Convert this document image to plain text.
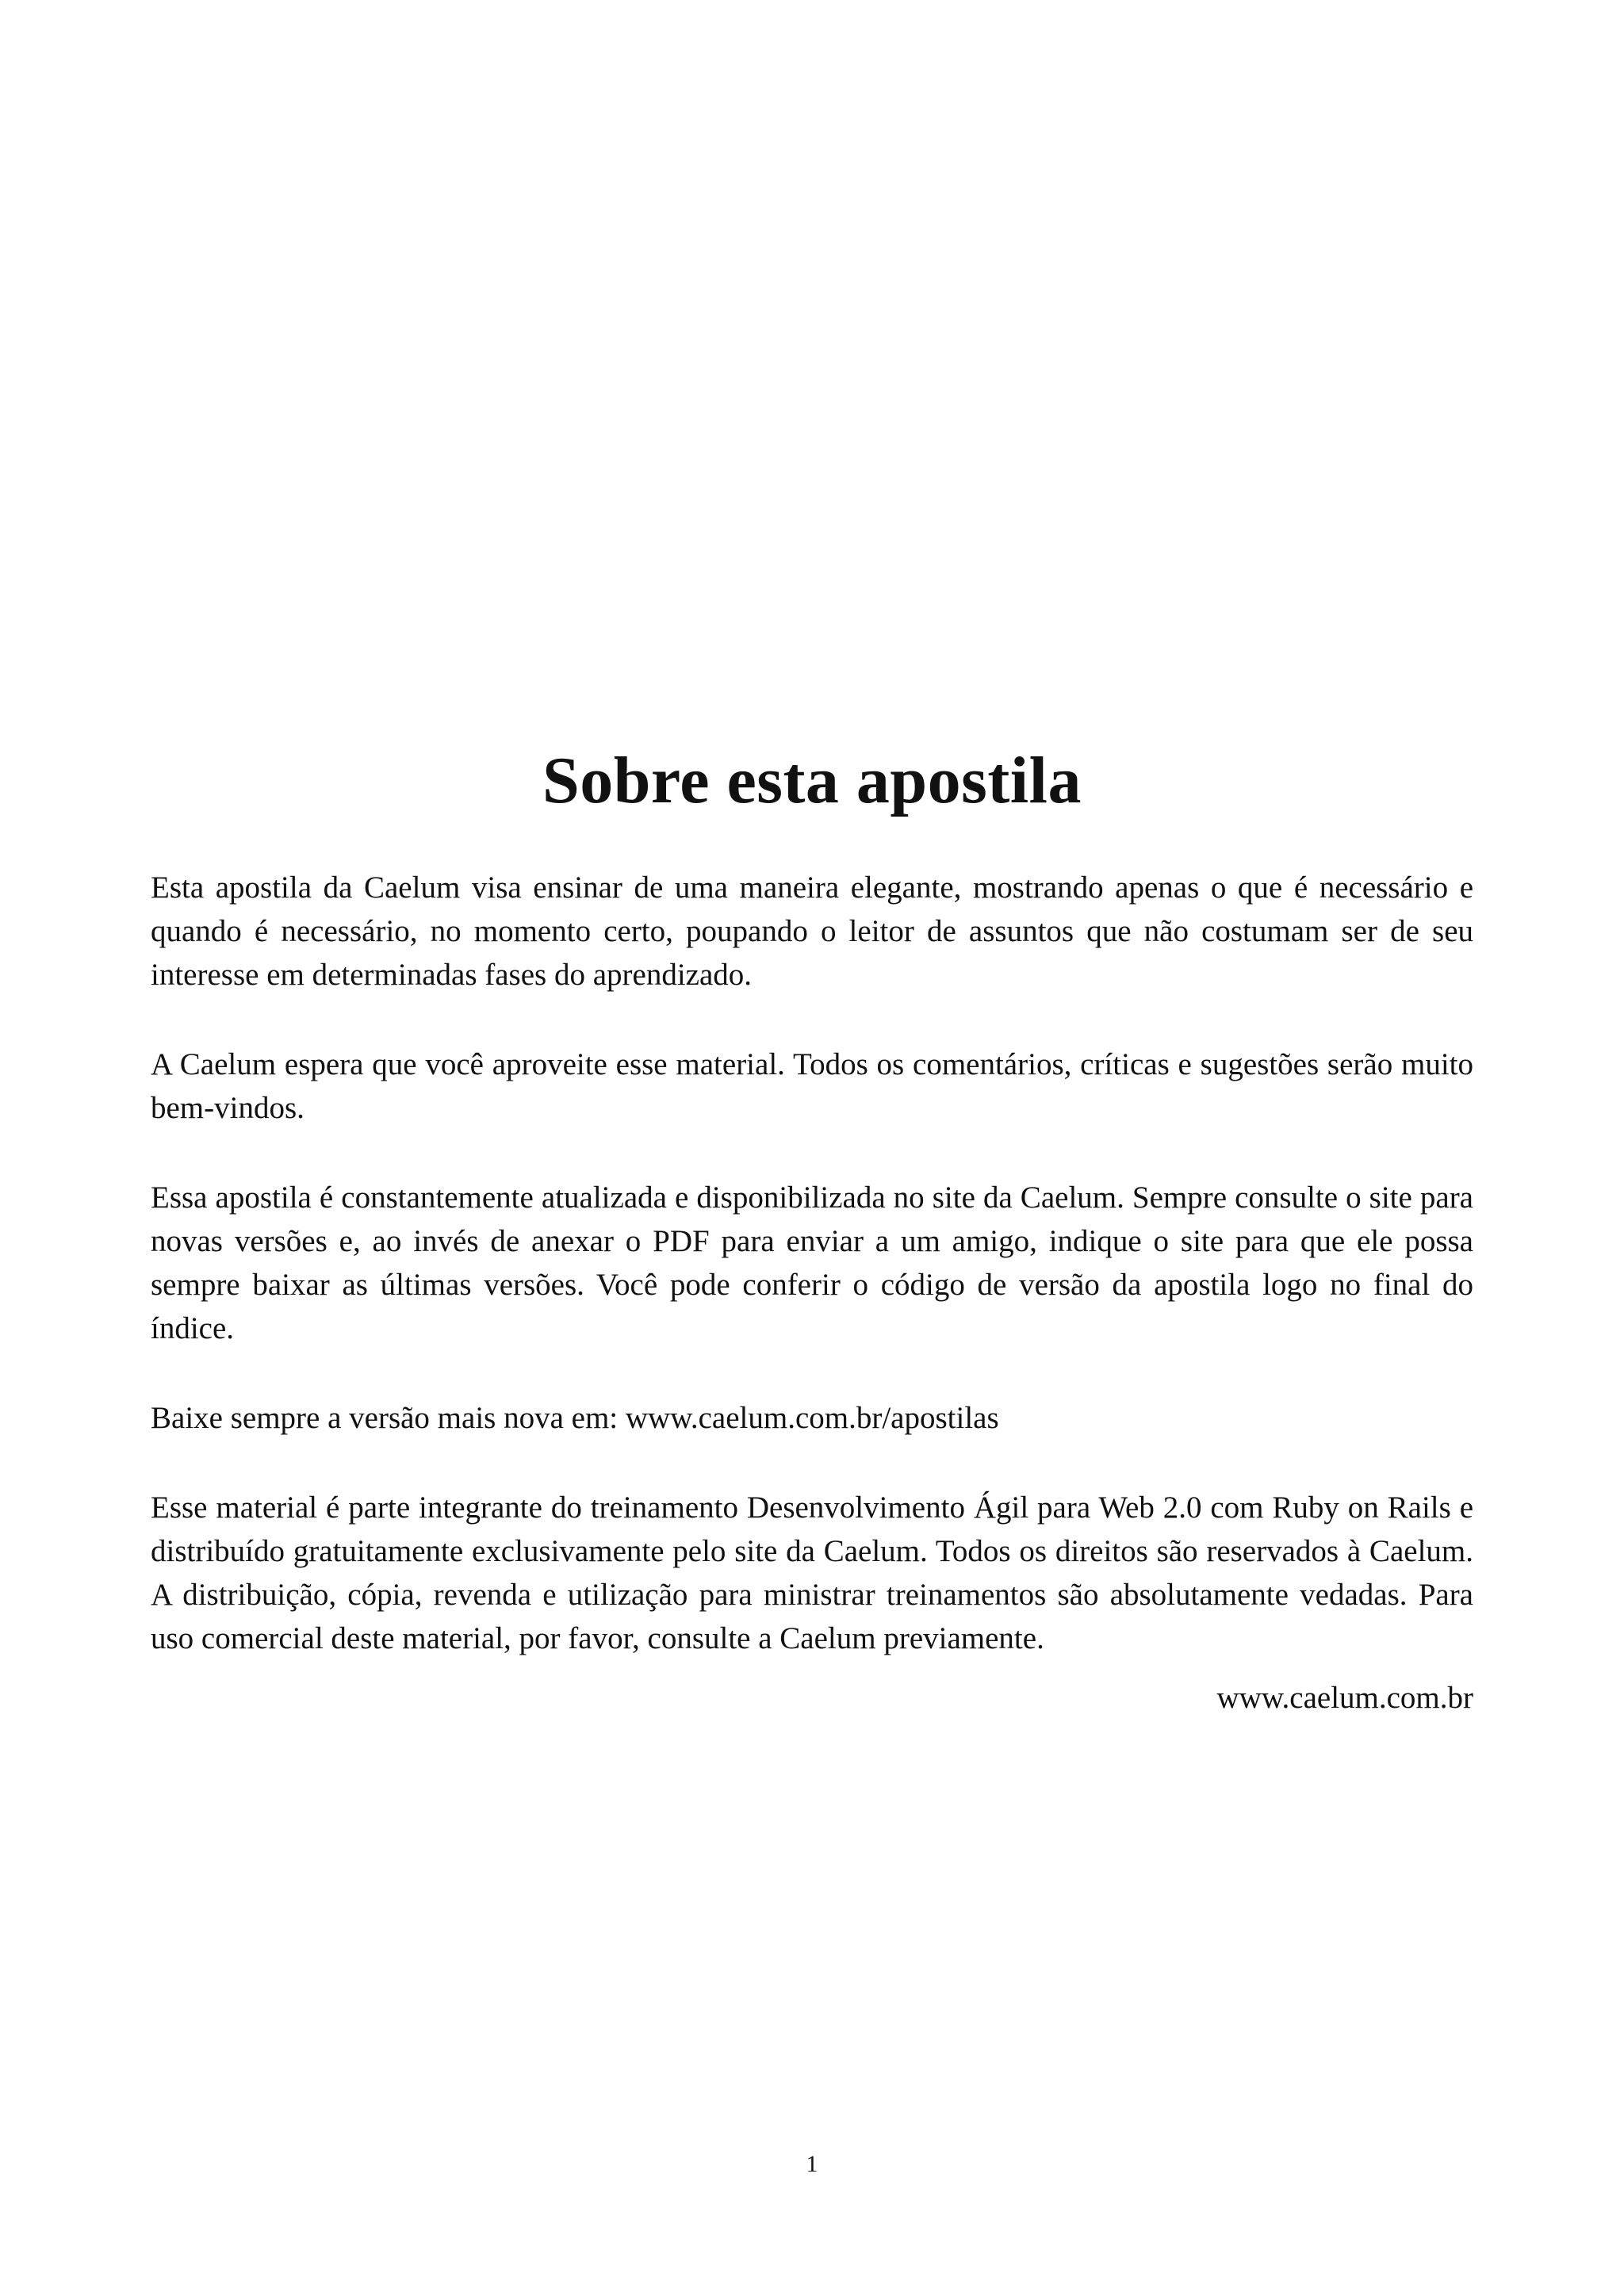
Sobre esta apostila

Esta apostila da Caelum visa ensinar de uma maneira elegante, mostrando apenas o que é necessário e quando é necessário, no momento certo, poupando o leitor de assuntos que não costumam ser de seu interesse em determinadas fases do aprendizado.

A Caelum espera que você aproveite esse material. Todos os comentários, críticas e sugestões serão muito bem-vindos.

Essa apostila é constantemente atualizada e disponibilizada no site da Caelum. Sempre consulte o site para novas versões e, ao invés de anexar o PDF para enviar a um amigo, indique o site para que ele possa sempre baixar as últimas versões. Você pode conferir o código de versão da apostila logo no final do índice.

Baixe sempre a versão mais nova em: www.caelum.com.br/apostilas

Esse material é parte integrante do treinamento Desenvolvimento Ágil para Web 2.0 com Ruby on Rails e distribuído gratuitamente exclusivamente pelo site da Caelum. Todos os direitos são reservados à Caelum. A distribuição, cópia, revenda e utilização para ministrar treinamentos são absolutamente vedadas. Para uso comercial deste material, por favor, consulte a Caelum previamente.

www.caelum.com.br

1
